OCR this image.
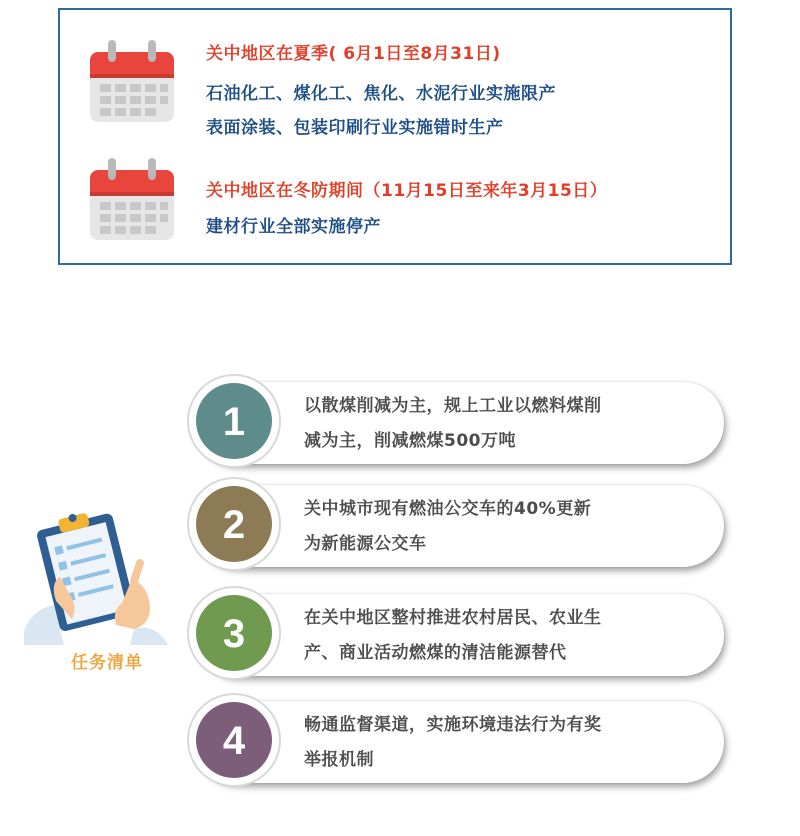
关中地区在夏季( 6月1日至8月31日)
石油化工、煤化工、焦化、水泥行业实施限产
表面涂装、包装印刷行业实施错时生产
关中地区在冬防期间（11月15日至来年3月15日）
建材行业全部实施停产
任务清单
1	以散煤削减为主，规上工业以燃料煤削
减为主，削减燃煤500万吨
2	关中城市现有燃油公交车的40%更新
为新能源公交车
3	在关中地区整村推进农村居民、农业生
产、商业活动燃煤的清洁能源替代
4	畅通监督渠道，实施环境违法行为有奖
举报机制
